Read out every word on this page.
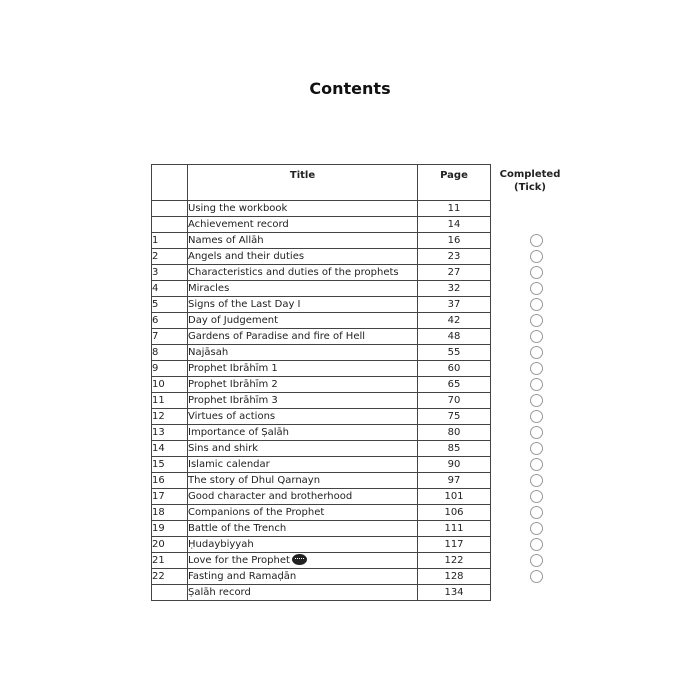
Contents
	Title	Page
	Using the workbook	11
	Achievement record	14
1	Names of Allāh	16
2	Angels and their duties	23
3	Characteristics and duties of the prophets	27
4	Miracles	32
5	Signs of the Last Day I	37
6	Day of Judgement	42
7	Gardens of Paradise and fire of Hell	48
8	Najāsah	55
9	Prophet Ibrāhīm 1	60
10	Prophet Ibrāhīm 2	65
11	Prophet Ibrāhīm 3	70
12	Virtues of actions	75
13	Importance of Ṣalāh	80
14	Sins and shirk	85
15	Islamic calendar	90
16	The story of Dhul Qarnayn	97
17	Good character and brotherhood	101
18	Companions of the Prophet	106
19	Battle of the Trench	111
20	Ḥudaybiyyah	117
21	Love for the Prophet	122
22	Fasting and Ramaḍān	128
	Ṣalāh record	134
Completed
(Tick)
